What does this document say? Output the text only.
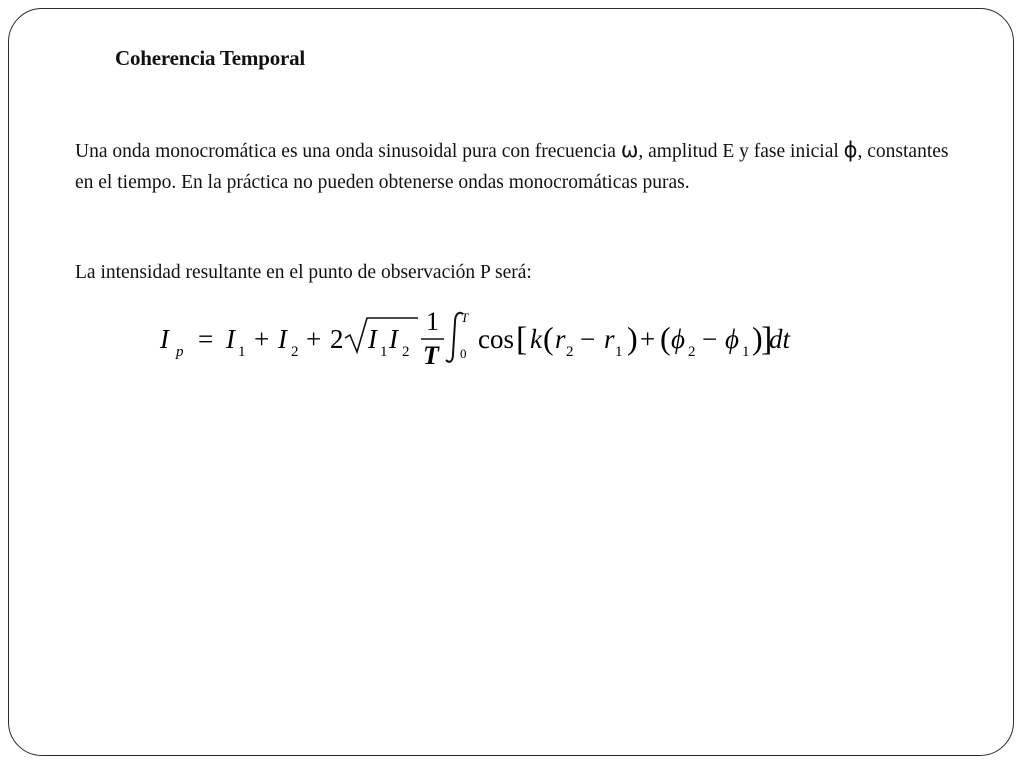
Coherencia Temporal
Una onda monocromática es una onda sinusoidal pura con frecuencia ω, amplitud E y fase inicial ϕ, constantes en el tiempo. En la práctica no pueden obtenerse ondas monocromáticas puras.
La intensidad resultante en el punto de observación P será:
I p = I 1 + I 2 + 2 I 1 I 2
1
T
T
0 cos [ k ( r 2 − r 1 ) + ( ϕ 2 − ϕ 1 )
]
dt
